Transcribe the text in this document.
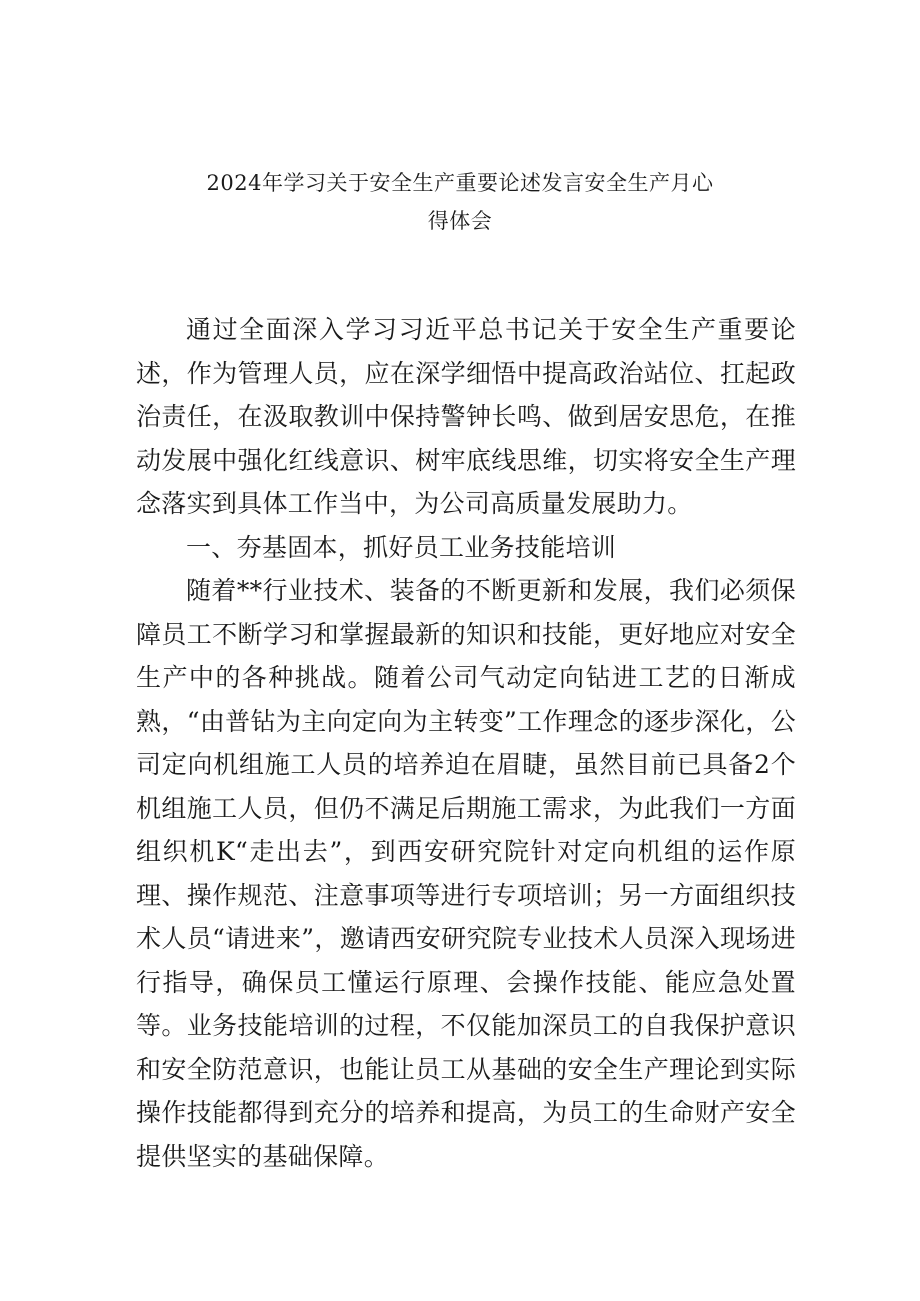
2024年学习关于安全生产重要论述发言安全生产月心
得体会

通过全面深入学习习近平总书记关于安全生产重要论述，作为管理人员，应在深学细悟中提高政治站位、扛起政治责任，在汲取教训中保持警钟长鸣、做到居安思危，在推动发展中强化红线意识、树牢底线思维，切实将安全生产理念落实到具体工作当中，为公司高质量发展助力。

一、夯基固本，抓好员工业务技能培训

随着**行业技术、装备的不断更新和发展，我们必须保障员工不断学习和掌握最新的知识和技能，更好地应对安全生产中的各种挑战。随着公司气动定向钻进工艺的日渐成熟，“由普钻为主向定向为主转变”工作理念的逐步深化，公司定向机组施工人员的培养迫在眉睫，虽然目前已具备2个机组施工人员，但仍不满足后期施工需求，为此我们一方面组织机K“走出去”，到西安研究院针对定向机组的运作原理、操作规范、注意事项等进行专项培训；另一方面组织技术人员“请进来”，邀请西安研究院专业技术人员深入现场进行指导，确保员工懂运行原理、会操作技能、能应急处置等。业务技能培训的过程，不仅能加深员工的自我保护意识和安全防范意识，也能让员工从基础的安全生产理论到实际操作技能都得到充分的培养和提高，为员工的生命财产安全提供坚实的基础保障。
